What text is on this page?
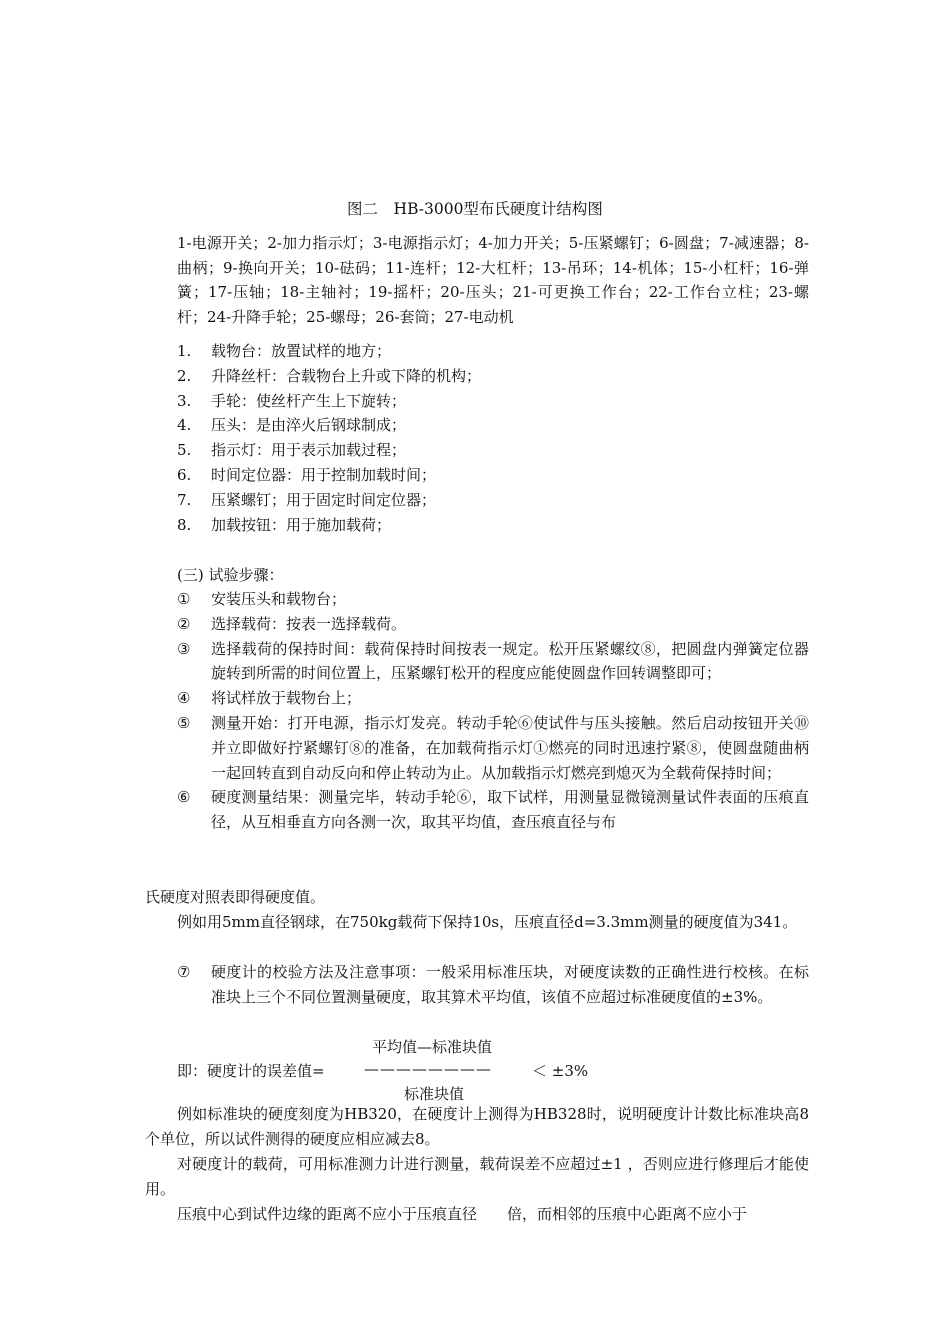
图二　HB-3000型布氏硬度计结构图
1-电源开关；2-加力指示灯；3-电源指示灯；4-加力开关；5-压紧螺钉；6-圆盘；7-减速器；8-曲柄；9-换向开关；10-砝码；11-连杆；12-大杠杆；13-吊环；14-机体；15-小杠杆；16-弹簧；17-压轴；18-主轴衬；19-摇杆；20-压头；21-可更换工作台；22-工作台立柱；23-螺杆；24-升降手轮；25-螺母；26-套筒；27-电动机
1. 载物台：放置试样的地方；
2. 升降丝杆：合载物台上升或下降的机构；
3. 手轮：使丝杆产生上下旋转；
4. 压头：是由淬火后钢球制成；
5. 指示灯：用于表示加载过程；
6. 时间定位器：用于控制加载时间；
7. 压紧螺钉；用于固定时间定位器；
8. 加载按钮：用于施加载荷；
(三) 试验步骤：
① 安装压头和载物台；
② 选择载荷：按表一选择载荷。
③ 选择载荷的保持时间：载荷保持时间按表一规定。松开压紧螺纹⑧，把圆盘内弹簧定位器旋转到所需的时间位置上，压紧螺钉松开的程度应能使圆盘作回转调整即可；
④ 将试样放于载物台上；
⑤ 测量开始：打开电源，指示灯发亮。转动手轮⑥使试件与压头接触。然后启动按钮开关⑩并立即做好拧紧螺钉⑧的准备，在加载荷指示灯①燃亮的同时迅速拧紧⑧，使圆盘随曲柄一起回转直到自动反向和停止转动为止。从加载指示灯燃亮到熄灭为全载荷保持时间；
⑥ 硬度测量结果：测量完毕，转动手轮⑥，取下试样，用测量显微镜测量试件表面的压痕直径，从互相垂直方向各测一次，取其平均值，查压痕直径与布
氏硬度对照表即得硬度值。
例如用5mm直径钢球，在750kg载荷下保持10s，压痕直径d=3.3mm测量的硬度值为341。
⑦ 硬度计的校验方法及注意事项：一般采用标准压块，对硬度读数的正确性进行校核。在标准块上三个不同位置测量硬度，取其算术平均值，该值不应超过标准硬度值的±3%。
平均值—标准块值
即：硬度计的误差值=	————————	＜ ±3%
标准块值
例如标准块的硬度刻度为HB320，在硬度计上测得为HB328时，说明硬度计计数比标准块高8个单位，所以试件测得的硬度应相应减去8。
对硬度计的载荷，可用标准测力计进行测量，载荷误差不应超过±1 ，否则应进行修理后才能使用。
压痕中心到试件边缘的距离不应小于压痕直径　　倍，而相邻的压痕中心距离不应小于
